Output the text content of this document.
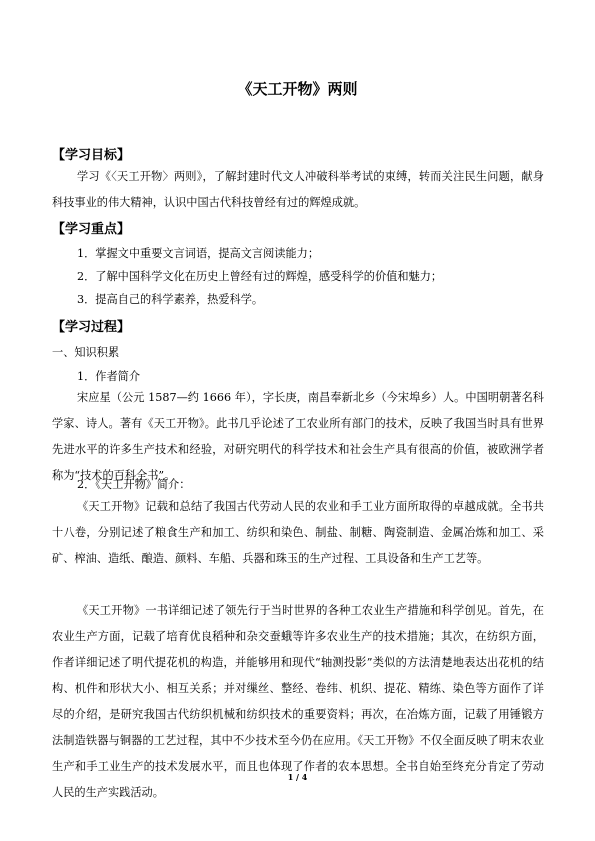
《天工开物》两则
【学习目标】
学习《〈天工开物〉两则》，了解封建时代文人冲破科举考试的束缚，转而关注民生问题，献身科技事业的伟大精神，认识中国古代科技曾经有过的辉煌成就。
【学习重点】
1．掌握文中重要文言词语，提高文言阅读能力；
2．了解中国科学文化在历史上曾经有过的辉煌，感受科学的价值和魅力；
3．提高自己的科学素养，热爱科学。
【学习过程】
一、知识积累
1．作者简介
宋应星（公元 1587—约 1666 年），字长庚，南昌奉新北乡（今宋埠乡）人。中国明朝著名科学家、诗人。著有《天工开物》。此书几乎论述了工农业所有部门的技术，反映了我国当时具有世界先进水平的许多生产技术和经验，对研究明代的科学技术和社会生产具有很高的价值，被欧洲学者称为“技术的百科全书”。
2．《天工开物》简介：
《天工开物》记载和总结了我国古代劳动人民的农业和手工业方面所取得的卓越成就。全书共十八卷，分别记述了粮食生产和加工、纺织和染色、制盐、制糖、陶瓷制造、金属冶炼和加工、采矿、榨油、造纸、酿造、颜料、车船、兵器和珠玉的生产过程、工具设备和生产工艺等。
《天工开物》一书详细记述了领先行于当时世界的各种工农业生产措施和科学创见。首先，在农业生产方面，记载了培育优良稻种和杂交蚕蛾等许多农业生产的技术措施；其次，在纺织方面，作者详细记述了明代提花机的构造，并能够用和现代“轴测投影”类似的方法清楚地表达出花机的结构、机件和形状大小、相互关系；并对缫丝、整经、卷纬、机织、提花、精练、染色等方面作了详尽的介绍，是研究我国古代纺织机械和纺织技术的重要资料；再次，在冶炼方面，记载了用锤锻方法制造铁器与铜器的工艺过程，其中不少技术至今仍在应用。《天工开物》不仅全面反映了明末农业生产和手工业生产的技术发展水平，而且也体现了作者的农本思想。全书自始至终充分肯定了劳动人民的生产实践活动。
1 / 4
